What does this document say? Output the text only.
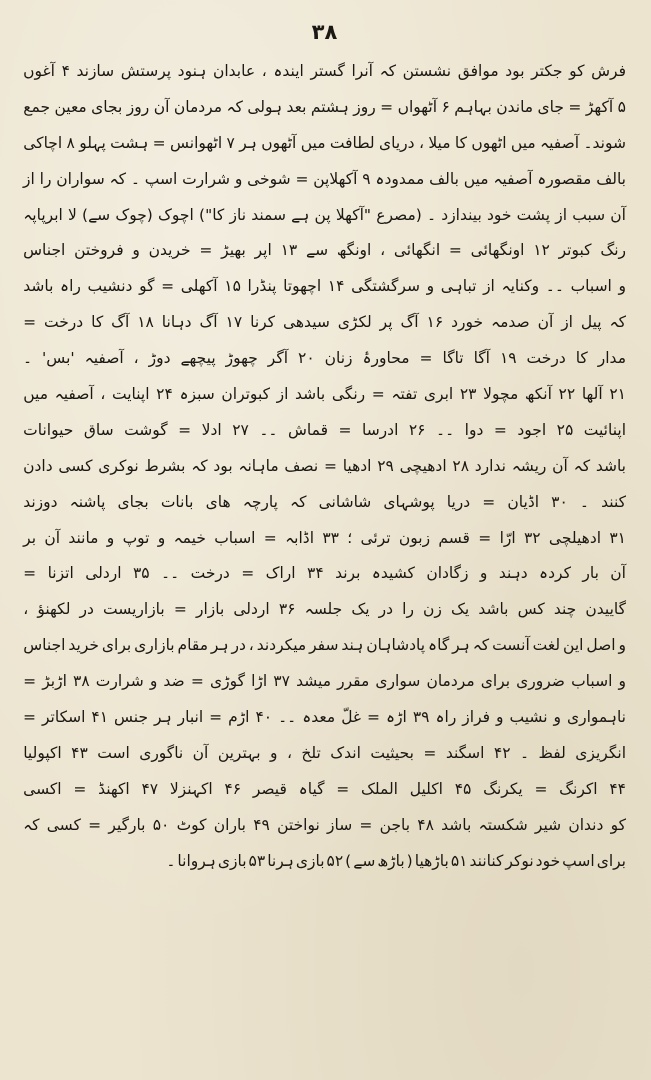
۳۸
فرش
کو
جکتر
بود
موافق
نشستن
کہ
آنرا
گستر
ایندہ
،
عابدان
ہنود
پرستش
سازند
۴
آغوں
۵
آکھڑ
=
جای
ماندن
بہاہم
۶
آٹھواں
=
روز
ہشتم
بعد
ہولی
کہ
مردمان
آن
روز
بجای
معین
جمع
شوند۔
آصفیہ
میں
اٹھوں
کا
میلا
،
دریای
لطافت
میں
آٹھوں
ہر
۷
اٹھوانس
=
ہشت
پہلو
۸
اچاکی
بالف
مقصورہ
آصفیہ
میں
بالف
ممدودہ
۹
آکھلاپن
=
شوخی
و
شرارت
اسپ
۔
کہ
سواران
را
از
آن
سبب
از
پشت
خود
بیندازد
۔
(مصرع
"آکھلا
پن
ہے
سمند
ناز
کا")
اچوک
(چوک
سے)
لا
ابرپاپہ
رنگ
کبوتر
۱۲
اونگھائی
=
انگھائی
،
اونگھ
سے
۱۳
اپر
بھیڑ
=
خریدن
و
فروختن
اجناس
و
اسباب
۔۔
وکنایہ
از
تباہی
و
سرگشتگی
۱۴
اچھوتا
پنڈرا
۱۵
آکھلی
=
گو
دنشیب
راہ
باشد
کہ
پیل
از
آن
صدمہ
خورد
۱۶
آگ
پر
لکڑی
سیدھی
کرنا
۱۷
آگ
دہانا
۱۸
آگ
کا
درخت
=
مدار
کا
درخت
۱۹
آگا
تاگا
=
محاورۂ
زنان
۲۰
آگر
چھوڑ
پیچھے
دوڑ
،
آصفیہ
'بس'
۔
۲۱
آلھا
۲۲
آنکھ
مچولا
۲۳
ابری
تفتہ
=
رنگی
باشد
از
کبوتران
سبزہ
۲۴
اپنایت
،
آصفیہ
میں
اپنائیت
۲۵
اجود
=
دوا
۔۔
۲۶
ادرسا
=
قماش
۔۔
۲۷
ادلا
=
گوشت
ساق
حیوانات
باشد
کہ
آن
ریشہ
ندارد
۲۸
ادھیچی
۲۹
ادھیا
=
نصف
ماہانہ
بود
کہ
بشرط
نوکری
کسی
دادن
کنند
۔
۳۰
اڈیان
=
دریا
پوشہای
شاشانی
کہ
پارچہ
های
بانات
بجای
پاشنہ
دوزند
۳۱
ادھیلچی
۳۲
ارّا
=
قسم
زبون
ترئی
؛
۳۳
اڈابہ
=
اسباب
خیمہ
و
توپ
و
مانند
آن
بر
آن
بار
کردہ
دہند
و
زگادان
کشیدہ
برند
۳۴
اراک
=
درخت
۔۔
۳۵
اردلی
اتزنا
=
گاییدن
چند
کس
باشد
یک
زن
را
در
یک
جلسہ
۳۶
اردلی
بازار
=
بازاریست
در
لکھنؤ
،
و
اصل
این
لغت
آنست
کہ
ہر
گاہ
پادشاہان
ہند
سفر
میکردند
،
در
ہر
مقام
بازاری
برای
خرید
اجناس
و
اسباب
ضروری
برای
مردمان
سواری
مقرر
میشد
۳۷
اڑا
گوڑی
=
ضد
و
شرارت
۳۸
اڑبڑ
=
ناہمواری
و
نشیب
و
فراز
راہ
۳۹
اڑہ
=
غلّ
معدہ
۔۔
۴۰
اڑم
=
انبار
ہر
جنس
۴۱
اسکاتر
=
انگریزی
لفظ
۔
۴۲
اسگند
=
بحیثیت
اندک
تلخ
،
و
بہترین
آن
ناگوری
است
۴۳
اکپولیا
۴۴
اکرنگ
=
یکرنگ
۴۵
اکلیل
الملک
=
گیاہ
قیصر
۴۶
اکہنزلا
۴۷
اکھنڈ
=
اکسی
کو
دندان
شیر
شکستہ
باشد
۴۸
باجن
=
ساز
نواختن
۴۹
باران
کوٹ
۵۰
بارگیر
=
کسی
کہ
برای
اسپ
خود
نوکر
کنانند
۵۱
باڑھیا
(
باڑھ
سے
)
۵۲
بازی
ہرنا
۵۳
بازی
ہروانا
۔
